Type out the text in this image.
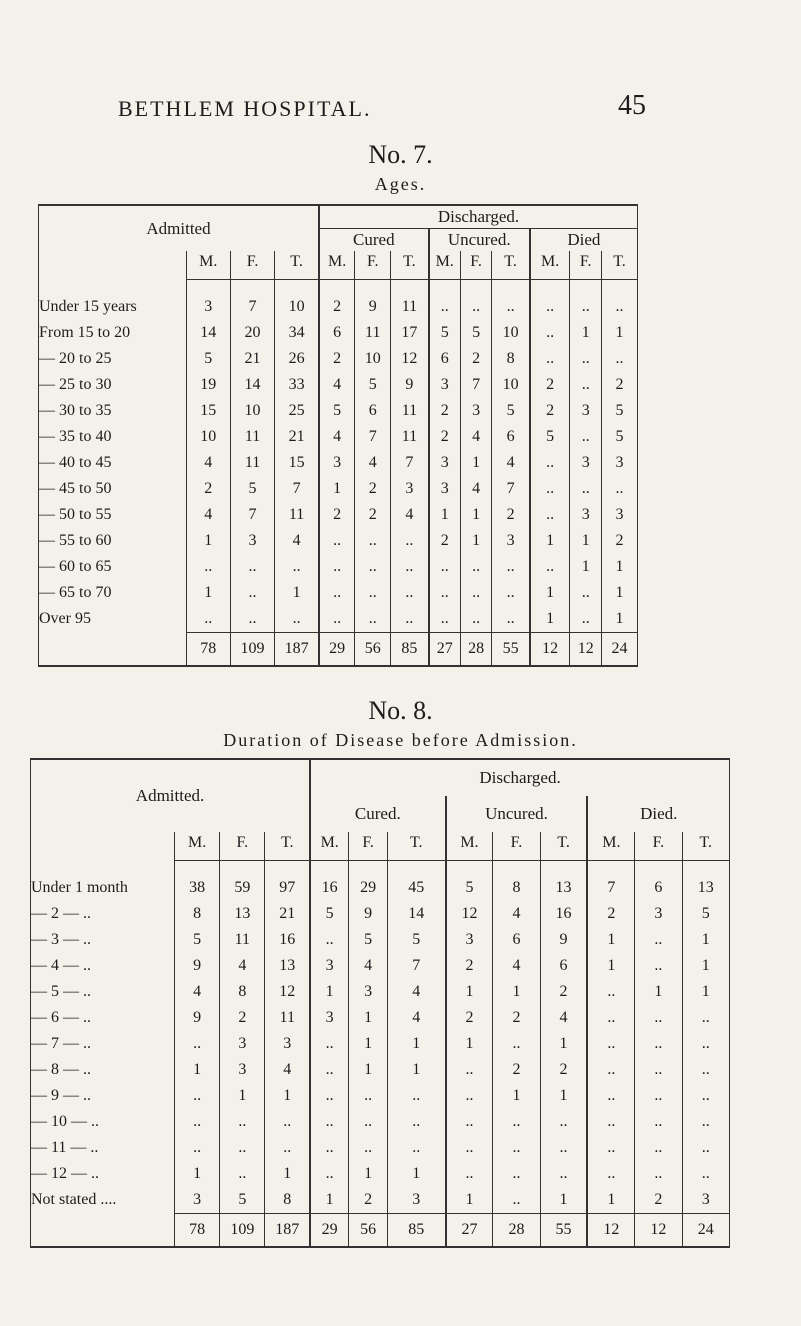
BETHLEM HOSPITAL.	45
No. 7.
Ages.
Admitted				Discharged.								
				Cured			Uncured.			Died		
	M.	F.	T.	M.	F.	T.	M.	F.	T.	M.	F.	T.

Under 15 years	3	7	10	2	9	11	..	..	..	..	..	..
From 15 to 20	14	20	34	6	11	17	5	5	10	..	1	1
— 20 to 25	5	21	26	2	10	12	6	2	8	..	..	..
— 25 to 30	19	14	33	4	5	9	3	7	10	2	..	2
— 30 to 35	15	10	25	5	6	11	2	3	5	2	3	5
— 35 to 40	10	11	21	4	7	11	2	4	6	5	..	5
— 40 to 45	4	11	15	3	4	7	3	1	4	..	3	3
— 45 to 50	2	5	7	1	2	3	3	4	7	..	..	..
— 50 to 55	4	7	11	2	2	4	1	1	2	..	3	3
— 55 to 60	1	3	4	..	..	..	2	1	3	1	1	2
— 60 to 65	..	..	..	..	..	..	..	..	..	..	1	1
— 65 to 70	1	..	1	..	..	..	..	..	..	1	..	1
Over 95	..	..	..	..	..	..	..	..	..	1	..	1
	78	109	187	29	56	85	27	28	55	12	12	24
No. 8.
Duration of Disease before Admission.
Admitted.				Discharged.								
				Cured.			Uncured.			Died.		
	M.	F.	T.	M.	F.	T.	M.	F.	T.	M.	F.	T.

Under 1 month	38	59	97	16	29	45	5	8	13	7	6	13
— 2 — ..	8	13	21	5	9	14	12	4	16	2	3	5
— 3 — ..	5	11	16	..	5	5	3	6	9	1	..	1
— 4 — ..	9	4	13	3	4	7	2	4	6	1	..	1
— 5 — ..	4	8	12	1	3	4	1	1	2	..	1	1
— 6 — ..	9	2	11	3	1	4	2	2	4	..	..	..
— 7 — ..	..	3	3	..	1	1	1	..	1	..	..	..
— 8 — ..	1	3	4	..	1	1	..	2	2	..	..	..
— 9 — ..	..	1	1	..	..	..	..	1	1	..	..	..
— 10 — ..	..	..	..	..	..	..	..	..	..	..	..	..
— 11 — ..	..	..	..	..	..	..	..	..	..	..	..	..
— 12 — ..	1	..	1	..	1	1	..	..	..	..	..	..
Not stated ....	3	5	8	1	2	3	1	..	1	1	2	3
	78	109	187	29	56	85	27	28	55	12	12	24
